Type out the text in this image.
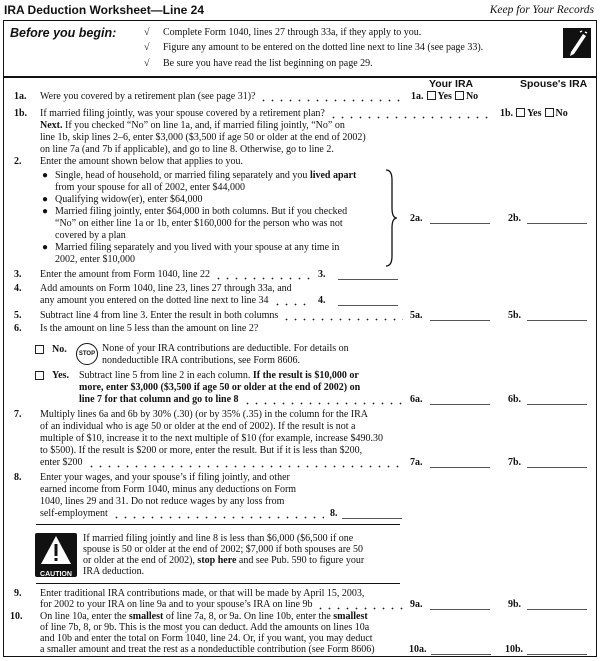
IRA Deduction Worksheet—Line 24	Keep for Your Records
Before you begin:	√ Complete Form 1040, lines 27 through 33a, if they apply to you.
√ Figure any amount to be entered on the dotted line next to line 34 (see page 33).
√ Be sure you have read the list beginning on page 29.
Your IRA	Spouse's IRA
1a.	Were you covered by a retirement plan (see page 31)?	1a. Yes No
1b.	If married filing jointly, was your spouse covered by a retirement plan?	1b. Yes No
Next. If you checked “No” on line 1a, and, if married filing jointly, “No” on
line 1b, skip lines 2–6, enter $3,000 ($3,500 if age 50 or older at the end of 2002)
on line 7a (and 7b if applicable), and go to line 8. Otherwise, go to line 2.
2.	Enter the amount shown below that applies to you.
● Single, head of household, or married filing separately and you lived apart
from your spouse for all of 2002, enter $44,000
● Qualifying widow(er), enter $64,000
● Married filing jointly, enter $64,000 in both columns. But if you checked
“No” on either line 1a or 1b, enter $160,000 for the person who was not
covered by a plan
● Married filing separately and you lived with your spouse at any time in
2002, enter $10,000
2a.	2b.
3.	Enter the amount from Form 1040, line 22	3.
4.	Add amounts on Form 1040, line 23, lines 27 through 33a, and
any amount you entered on the dotted line next to line 34	4.
5.	Subtract line 4 from line 3. Enter the result in both columns	5a.	5b.
6.	Is the amount on line 5 less than the amount on line 2?
No.	STOP None of your IRA contributions are deductible. For details on
nondeductible IRA contributions, see Form 8606.
Yes. Subtract line 5 from line 2 in each column. If the result is $10,000 or
more, enter $3,000 ($3,500 if age 50 or older at the end of 2002) on
line 7 for that column and go to line 8	6a.	6b.
7.	Multiply lines 6a and 6b by 30% (.30) (or by 35% (.35) in the column for the IRA
of an individual who is age 50 or older at the end of 2002). If the result is not a
multiple of $10, increase it to the next multiple of $10 (for example, increase $490.30
to $500). If the result is $200 or more, enter the result. But if it is less than $200,
enter $200	7a.	7b.
8.	Enter your wages, and your spouse’s if filing jointly, and other
earned income from Form 1040, minus any deductions on Form
1040, lines 29 and 31. Do not reduce wages by any loss from
self-employment	8.
CAUTION
If married filing jointly and line 8 is less than $6,000 ($6,500 if one
spouse is 50 or older at the end of 2002; $7,000 if both spouses are 50
or older at the end of 2002), stop here and see Pub. 590 to figure your
IRA deduction.
9.	Enter traditional IRA contributions made, or that will be made by April 15, 2003,
for 2002 to your IRA on line 9a and to your spouse’s IRA on line 9b	9a.	9b.
10.	On line 10a, enter the smallest of line 7a, 8, or 9a. On line 10b, enter the smallest
of line 7b, 8, or 9b. This is the most you can deduct. Add the amounts on lines 10a
and 10b and enter the total on Form 1040, line 24. Or, if you want, you may deduct
a smaller amount and treat the rest as a nondeductible contribution (see Form 8606)	10a.	10b.
